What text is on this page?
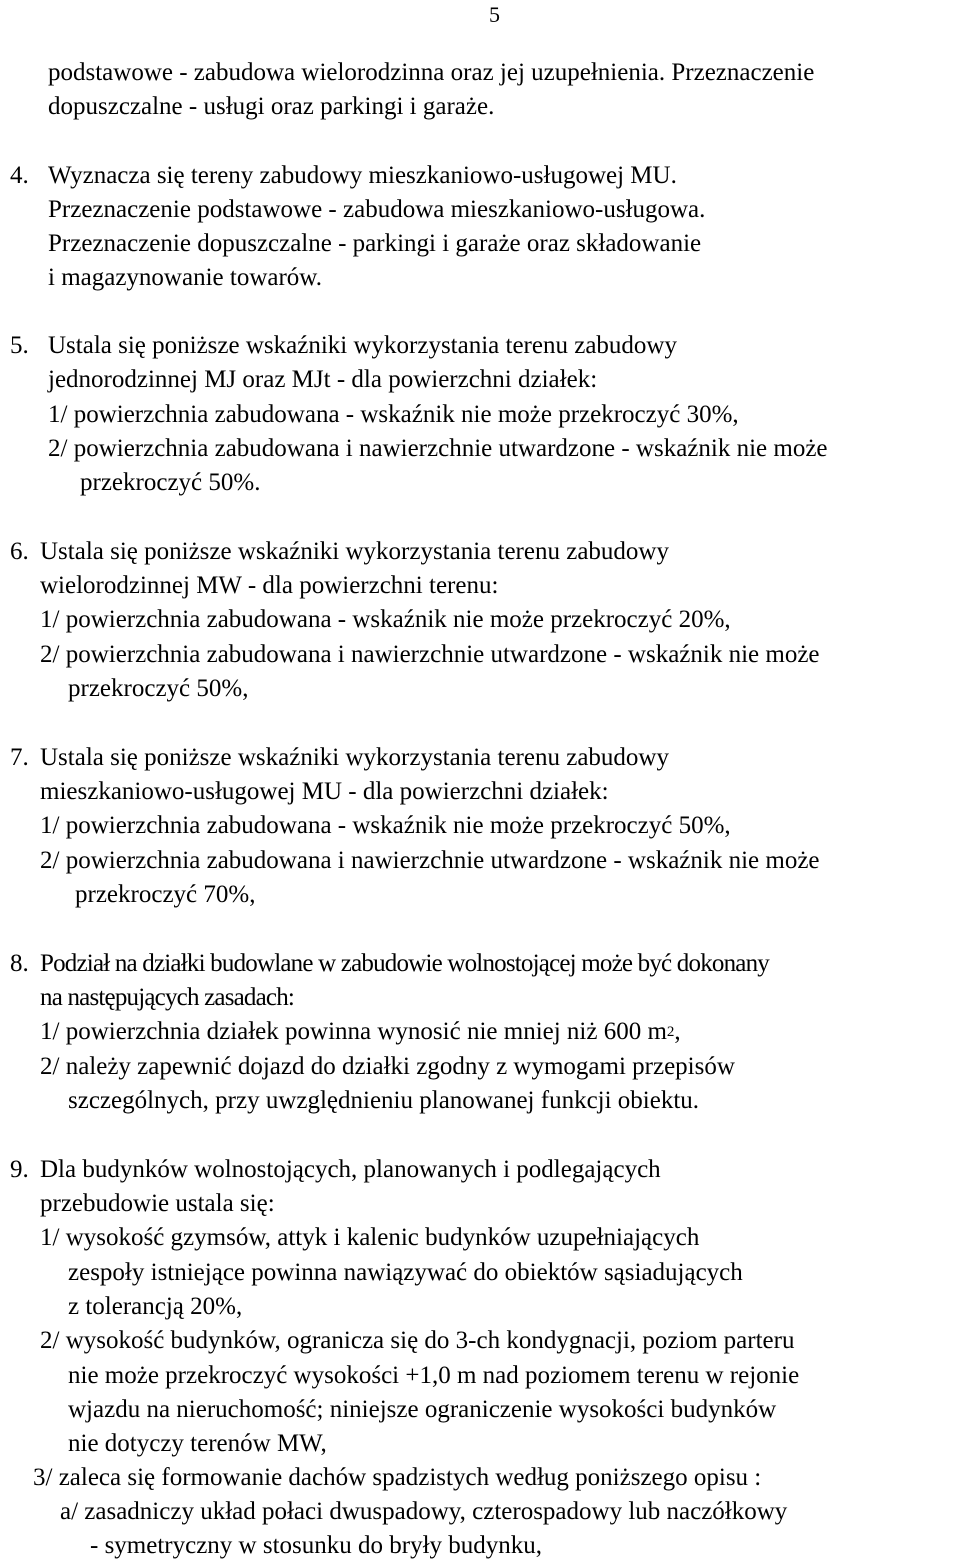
5
podstawowe - zabudowa wielorodzinna oraz jej uzupełnienia. Przeznaczenie
dopuszczalne - usługi oraz parkingi i garaże.
4. Wyznacza się tereny zabudowy mieszkaniowo-usługowej MU.
Przeznaczenie podstawowe - zabudowa mieszkaniowo-usługowa.
Przeznaczenie dopuszczalne - parkingi i garaże oraz składowanie
i magazynowanie towarów.
5. Ustala się poniższe wskaźniki wykorzystania terenu zabudowy
jednorodzinnej MJ oraz MJt - dla powierzchni działek:
1/ powierzchnia zabudowana - wskaźnik nie może przekroczyć 30%,
2/ powierzchnia zabudowana i nawierzchnie utwardzone - wskaźnik nie może
przekroczyć 50%.
6. Ustala się poniższe wskaźniki wykorzystania terenu zabudowy
wielorodzinnej MW - dla powierzchni terenu:
1/ powierzchnia zabudowana - wskaźnik nie może przekroczyć 20%,
2/ powierzchnia zabudowana i nawierzchnie utwardzone - wskaźnik nie może
przekroczyć 50%,
7. Ustala się poniższe wskaźniki wykorzystania terenu zabudowy
mieszkaniowo-usługowej MU - dla powierzchni działek:
1/ powierzchnia zabudowana - wskaźnik nie może przekroczyć 50%,
2/ powierzchnia zabudowana i nawierzchnie utwardzone - wskaźnik nie może
przekroczyć 70%,
8. Podział na działki budowlane w zabudowie wolnostojącej może być dokonany
na następujących zasadach:
1/ powierzchnia działek powinna wynosić nie mniej niż 600 $m^2$,
2/ należy zapewnić dojazd do działki zgodny z wymogami przepisów
szczególnych, przy uwzględnieniu planowanej funkcji obiektu.
9. Dla budynków wolnostojących, planowanych i podlegających
przebudowie ustala się:
1/ wysokość gzymsów, attyk i kalenic budynków uzupełniających
zespoły istniejące powinna nawiązywać do obiektów sąsiadujących
z tolerancją 20%,
2/ wysokość budynków, ogranicza się do 3-ch kondygnacji, poziom parteru
nie może przekroczyć wysokości +1,0 m nad poziomem terenu w rejonie
wjazdu na nieruchomość; niniejsze ograniczenie wysokości budynków
nie dotyczy terenów MW,
3/ zaleca się formowanie dachów spadzistych według poniższego opisu :
a/ zasadniczy układ połaci dwuspadowy, czterospadowy lub naczółkowy
- symetryczny w stosunku do bryły budynku,
